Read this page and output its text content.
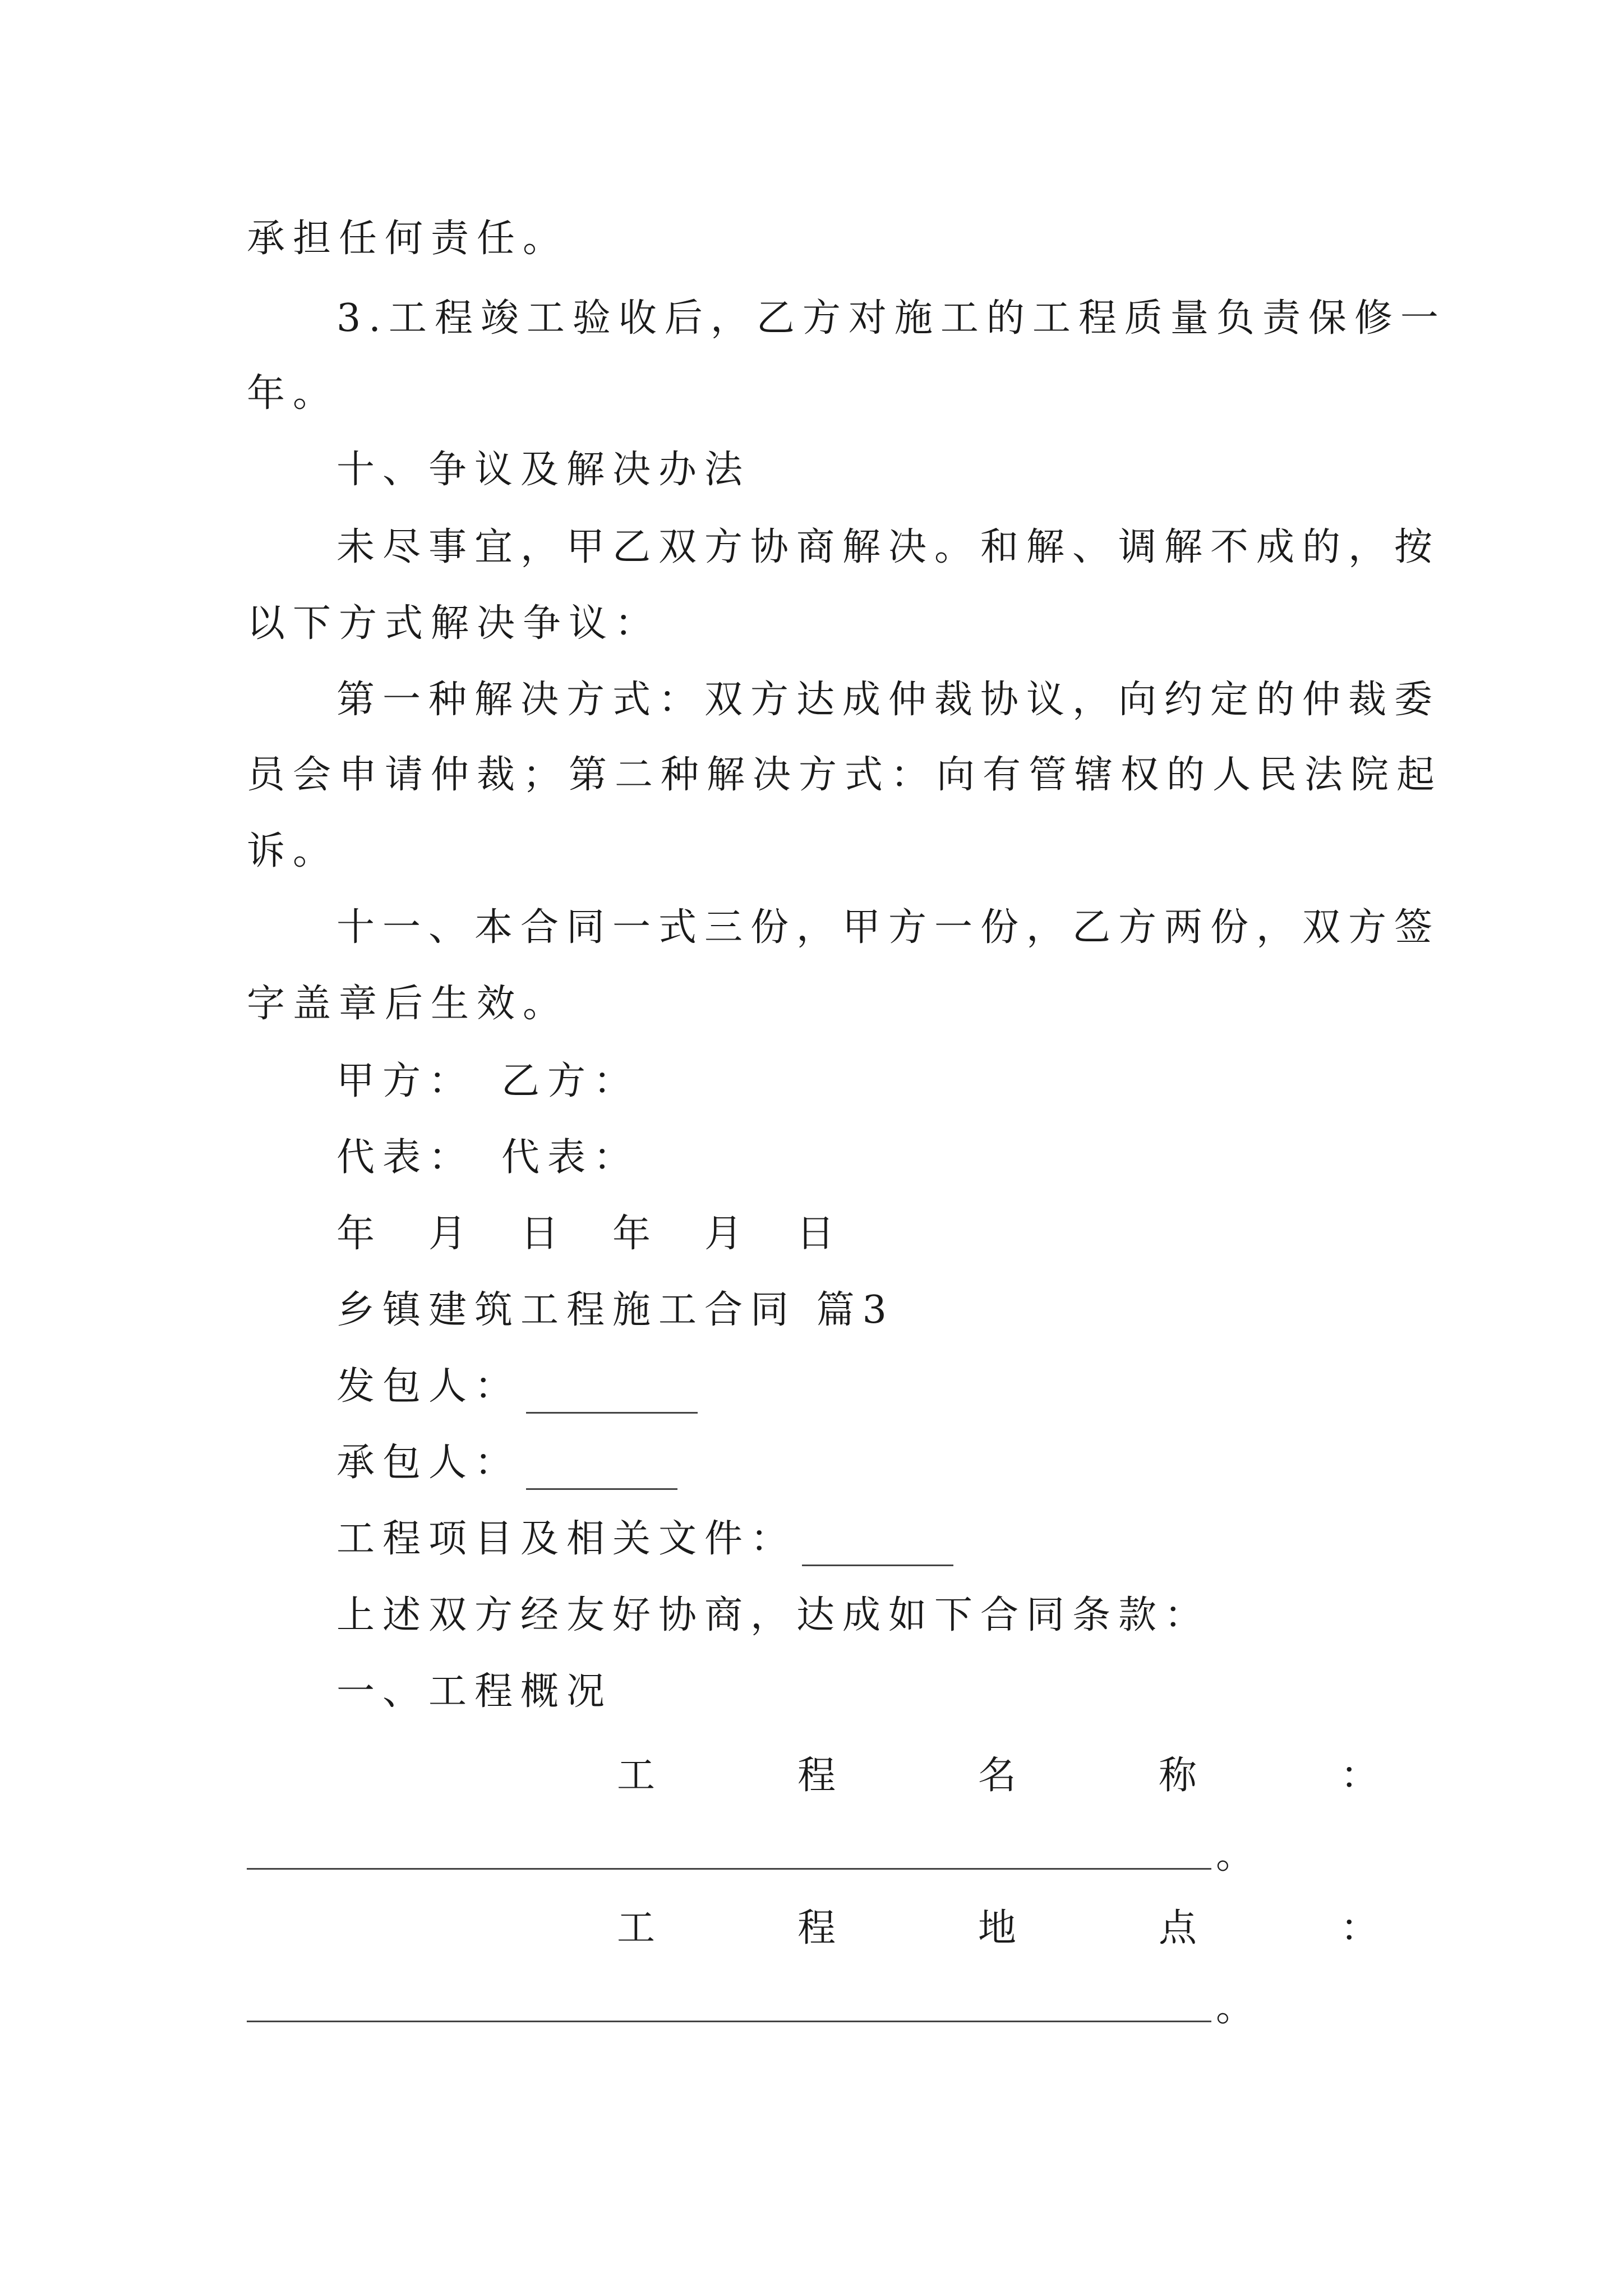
承担任何责任。
3.工程竣工验收后，乙方对施工的工程质量负责保修一
年。
十、争议及解决办法
未尽事宜，甲乙双方协商解决。和解、调解不成的，按
以下方式解决争议：
第一种解决方式：双方达成仲裁协议，向约定的仲裁委
员会申请仲裁；第二种解决方式：向有管辖权的人民法院起
诉。
十一、本合同一式三份，甲方一份，乙方两份，双方签
字盖章后生效。
甲方：　乙方：
代表：　代表：
年　月　日　年　月　日
乡镇建筑工程施工合同 篇3
发包人：
承包人：
工程项目及相关文件：
上述双方经友好协商，达成如下合同条款：
一、工程概况
工	程	名	称	：
。
工	程	地	点	：
。
